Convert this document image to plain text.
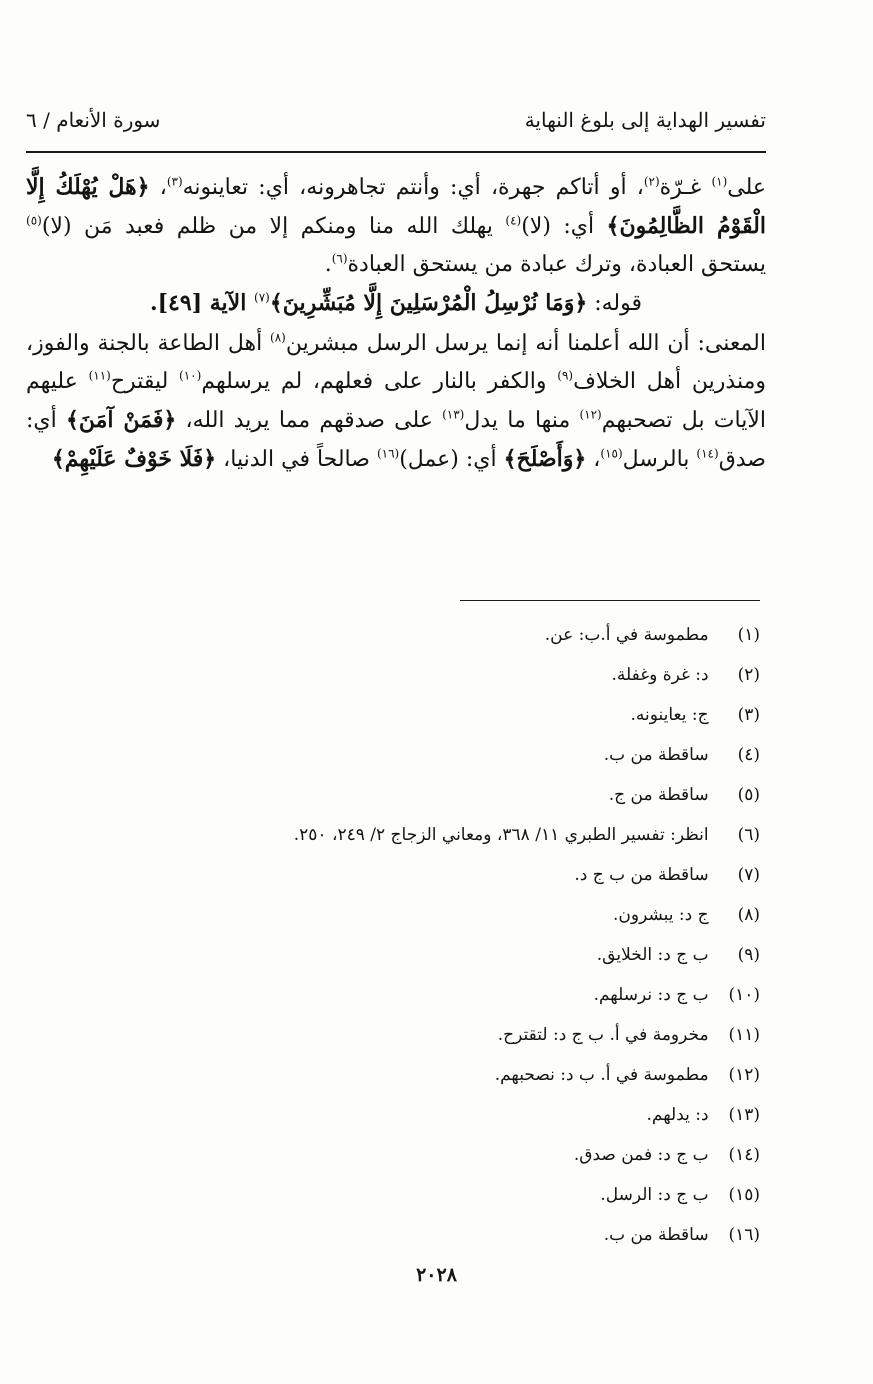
تفسير الهداية إلى بلوغ النهاية
سورة الأنعام / ٦

على$^{(١)}$ غـرّة$^{(٢)}$، أو أتاكم جهرة، أي: وأنتم تجاهرونه، أي: تعاينونه$^{(٣)}$، ﴿هَلْ يُهْلَكُ إِلَّا الْقَوْمُ الظَّالِمُونَ﴾ أي: (لا)$^{(٤)}$ يهلك الله منا ومنكم إلا من ظلم فعبد مَن (لا)$^{(٥)}$ يستحق العبادة، وترك عبادة من يستحق العبادة$^{(٦)}$.

قوله: ﴿وَمَا نُرْسِلُ الْمُرْسَلِينَ إِلَّا مُبَشِّرِينَ﴾$^{(٧)}$ الآية [٤٩].

المعنى: أن الله أعلمنا أنه إنما يرسل الرسل مبشرين$^{(٨)}$ أهل الطاعة بالجنة والفوز، ومنذرين أهل الخلاف$^{(٩)}$ والكفر بالنار على فعلهم، لم يرسلهم$^{(١٠)}$ ليقترح$^{(١١)}$ عليهم الآيات بل تصحبهم$^{(١٢)}$ منها ما يدل$^{(١٣)}$ على صدقهم مما يريد الله، ﴿فَمَنْ آمَنَ﴾ أي: صدق$^{(١٤)}$ بالرسل$^{(١٥)}$، ﴿وَأَصْلَحَ﴾ أي: (عمل)$^{(١٦)}$ صالحاً في الدنيا، ﴿فَلَا خَوْفٌ عَلَيْهِمْ﴾

(١) مطموسة في أ.ب: عن.
(٢) د: غرة وغفلة.
(٣) ج: يعاينونه.
(٤) ساقطة من ب.
(٥) ساقطة من ج.
(٦) انظر: تفسير الطبري ١١/ ٣٦٨، ومعاني الزجاج ٢/ ٢٤٩، ٢٥٠.
(٧) ساقطة من ب ج د.
(٨) ج د: يبشرون.
(٩) ب ج د: الخلايق.
(١٠) ب ج د: نرسلهم.
(١١) مخرومة في أ. ب ج د: لتقترح.
(١٢) مطموسة في أ. ب د: نصحبهم.
(١٣) د: يدلهم.
(١٤) ب ج د: فمن صدق.
(١٥) ب ج د: الرسل.
(١٦) ساقطة من ب.
٢٠٢٨
